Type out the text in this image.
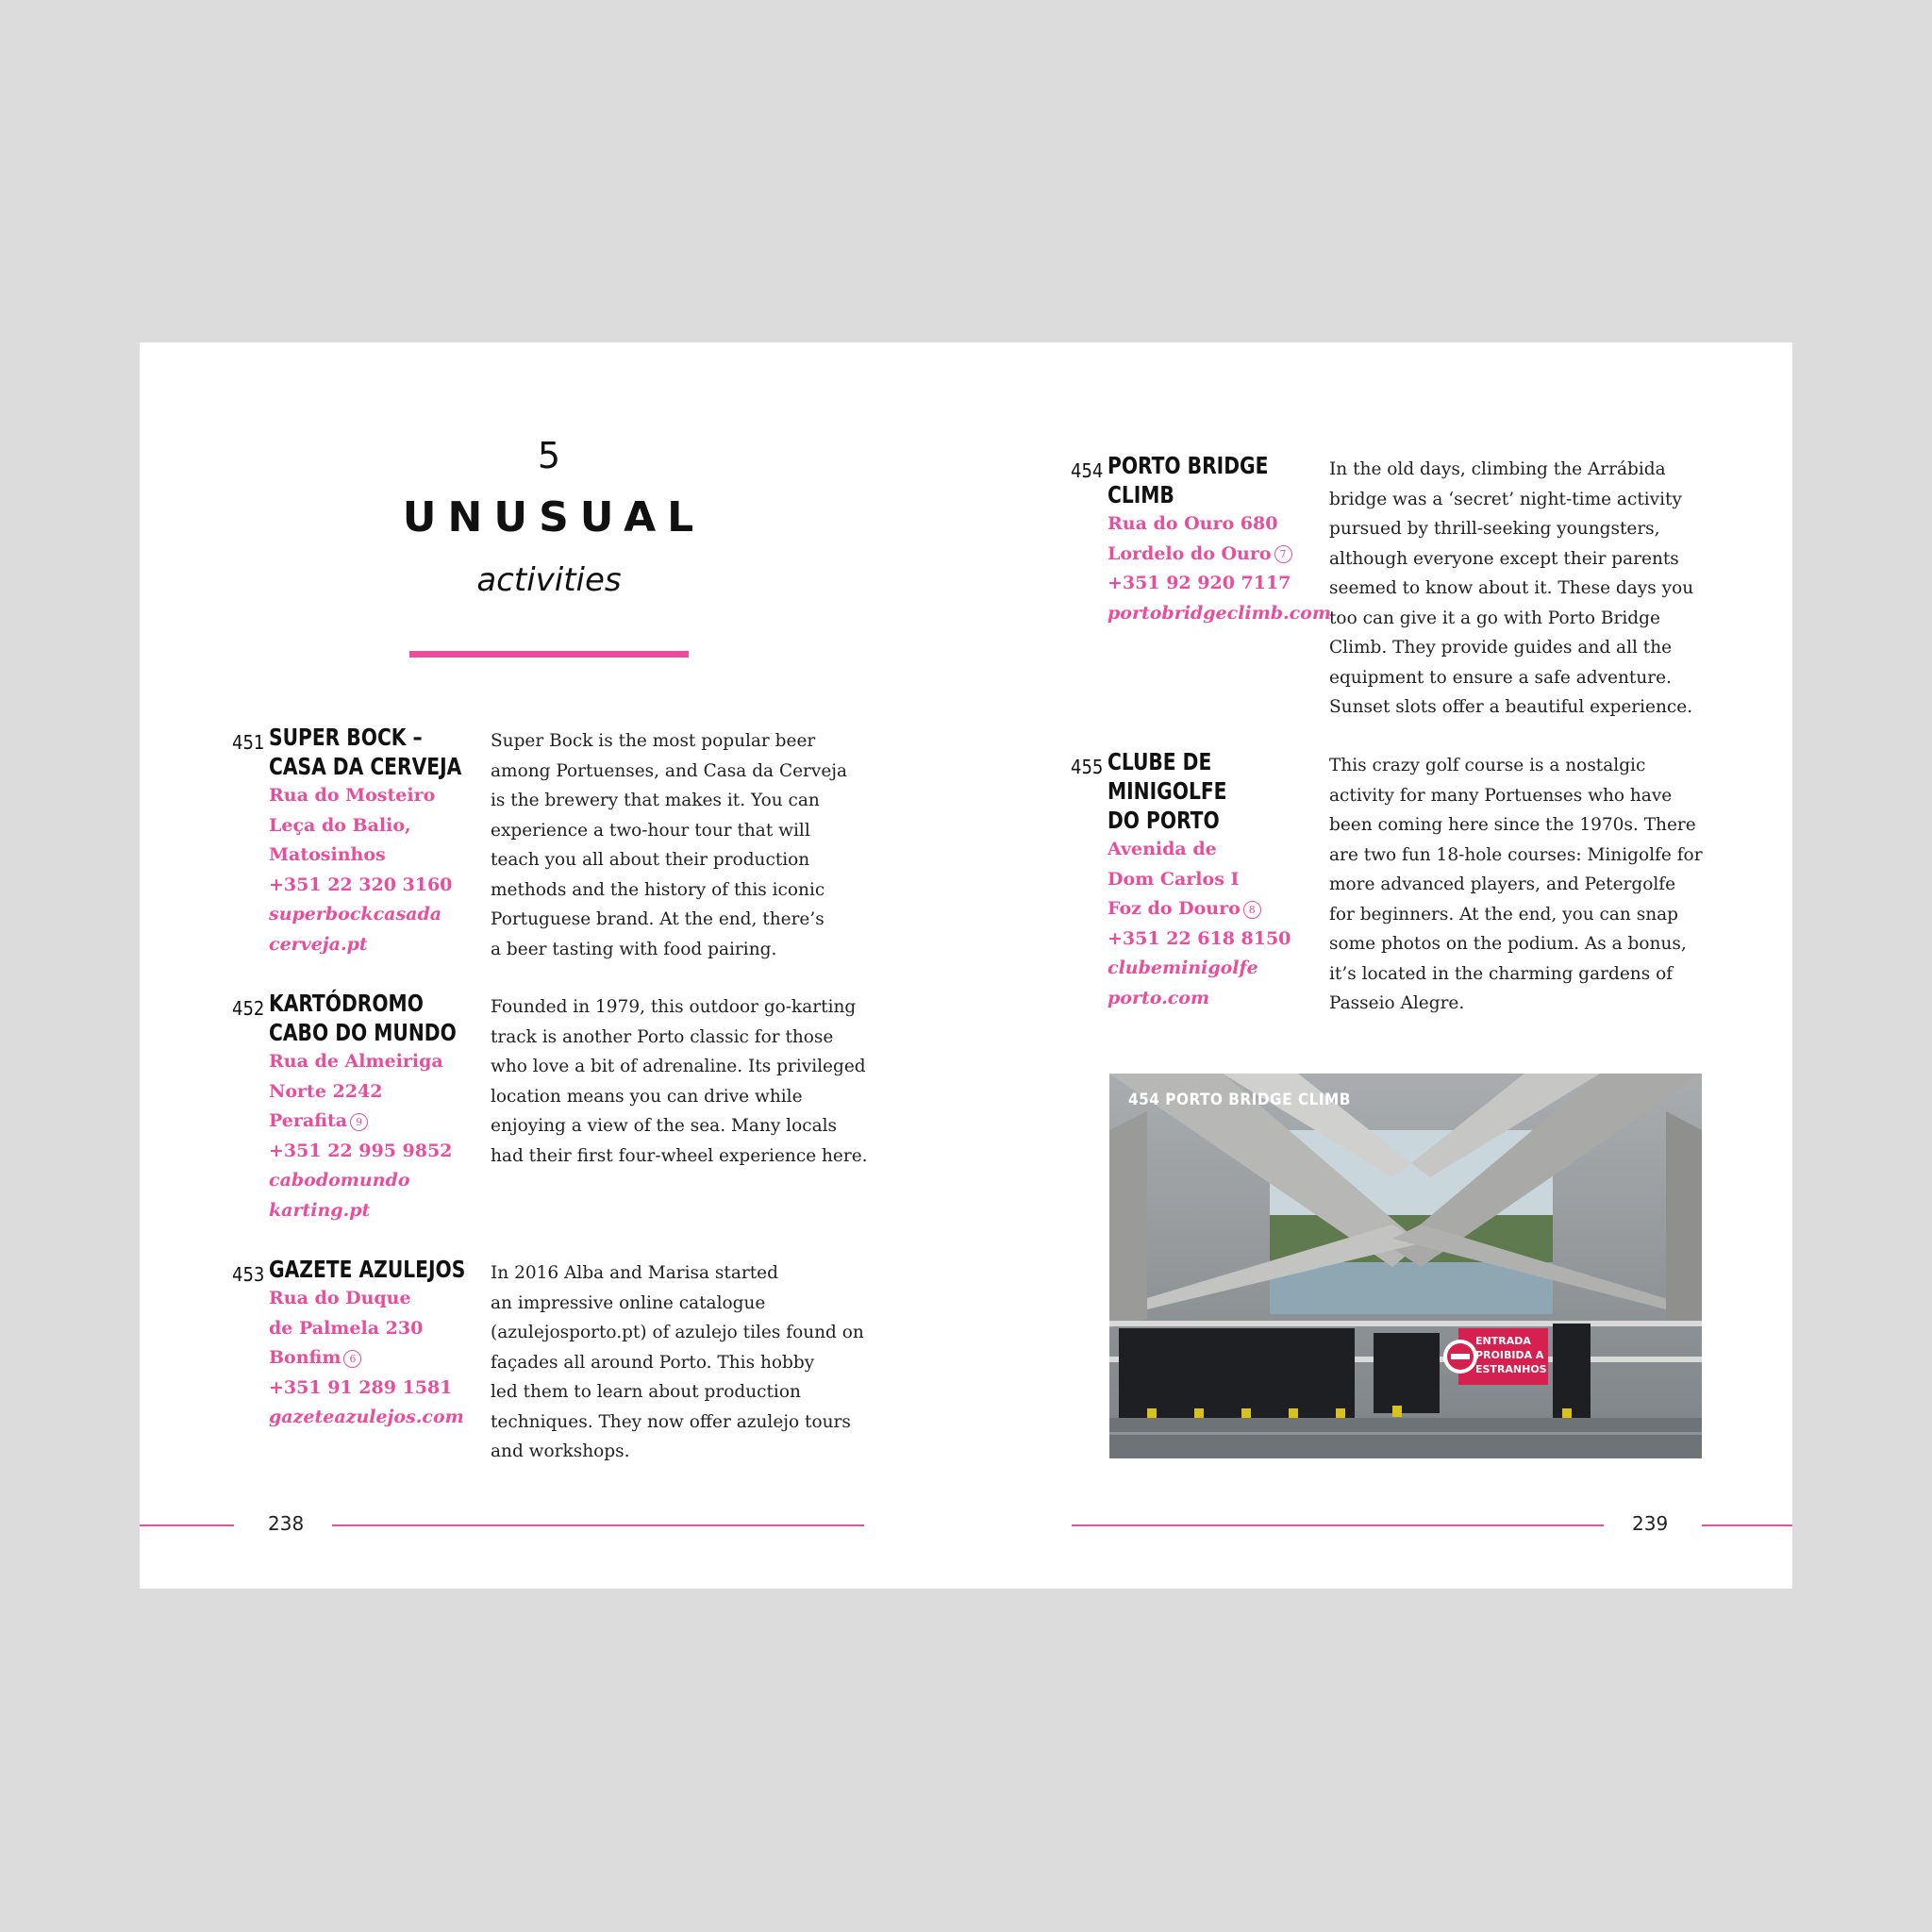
5
UNUSUAL
activities
451 SUPER BOCK –
CASA DA CERVEJA
Rua do Mosteiro
Leça do Balio,
Matosinhos
+351 22 320 3160
superbockcasada
cerveja.pt
Super Bock is the most popular beer
among Portuenses, and Casa da Cerveja
is the brewery that makes it. You can
experience a two-hour tour that will
teach you all about their production
methods and the history of this iconic
Portuguese brand. At the end, there’s
a beer tasting with food pairing.
452 KARTÓDROMO
CABO DO MUNDO
Rua de Almeiriga
Norte 2242
Perafita 9
+351 22 995 9852
cabodomundo
karting.pt
Founded in 1979, this outdoor go-karting
track is another Porto classic for those
who love a bit of adrenaline. Its privileged
location means you can drive while
enjoying a view of the sea. Many locals
had their first four-wheel experience here.
453 GAZETE AZULEJOS
Rua do Duque
de Palmela 230
Bonfim 6
+351 91 289 1581
gazeteazulejos.com
In 2016 Alba and Marisa started
an impressive online catalogue
(azulejosporto.pt) of azulejo tiles found on
façades all around Porto. This hobby
led them to learn about production
techniques. They now offer azulejo tours
and workshops.
454 PORTO BRIDGE
CLIMB
Rua do Ouro 680
Lordelo do Ouro 7
+351 92 920 7117
portobridgeclimb.com
In the old days, climbing the Arrábida
bridge was a ‘secret’ night-time activity
pursued by thrill-seeking youngsters,
although everyone except their parents
seemed to know about it. These days you
too can give it a go with Porto Bridge
Climb. They provide guides and all the
equipment to ensure a safe adventure.
Sunset slots offer a beautiful experience.
455 CLUBE DE
MINIGOLFE
DO PORTO
Avenida de
Dom Carlos I
Foz do Douro 8
+351 22 618 8150
clubeminigolfe
porto.com
This crazy golf course is a nostalgic
activity for many Portuenses who have
been coming here since the 1970s. There
are two fun 18-hole courses: Minigolfe for
more advanced players, and Petergolfe
for beginners. At the end, you can snap
some photos on the podium. As a bonus,
it’s located in the charming gardens of
Passeio Alegre.
ENTRADA
PROIBIDA A
ESTRANHOS
454 PORTO BRIDGE CLIMB
238	239
